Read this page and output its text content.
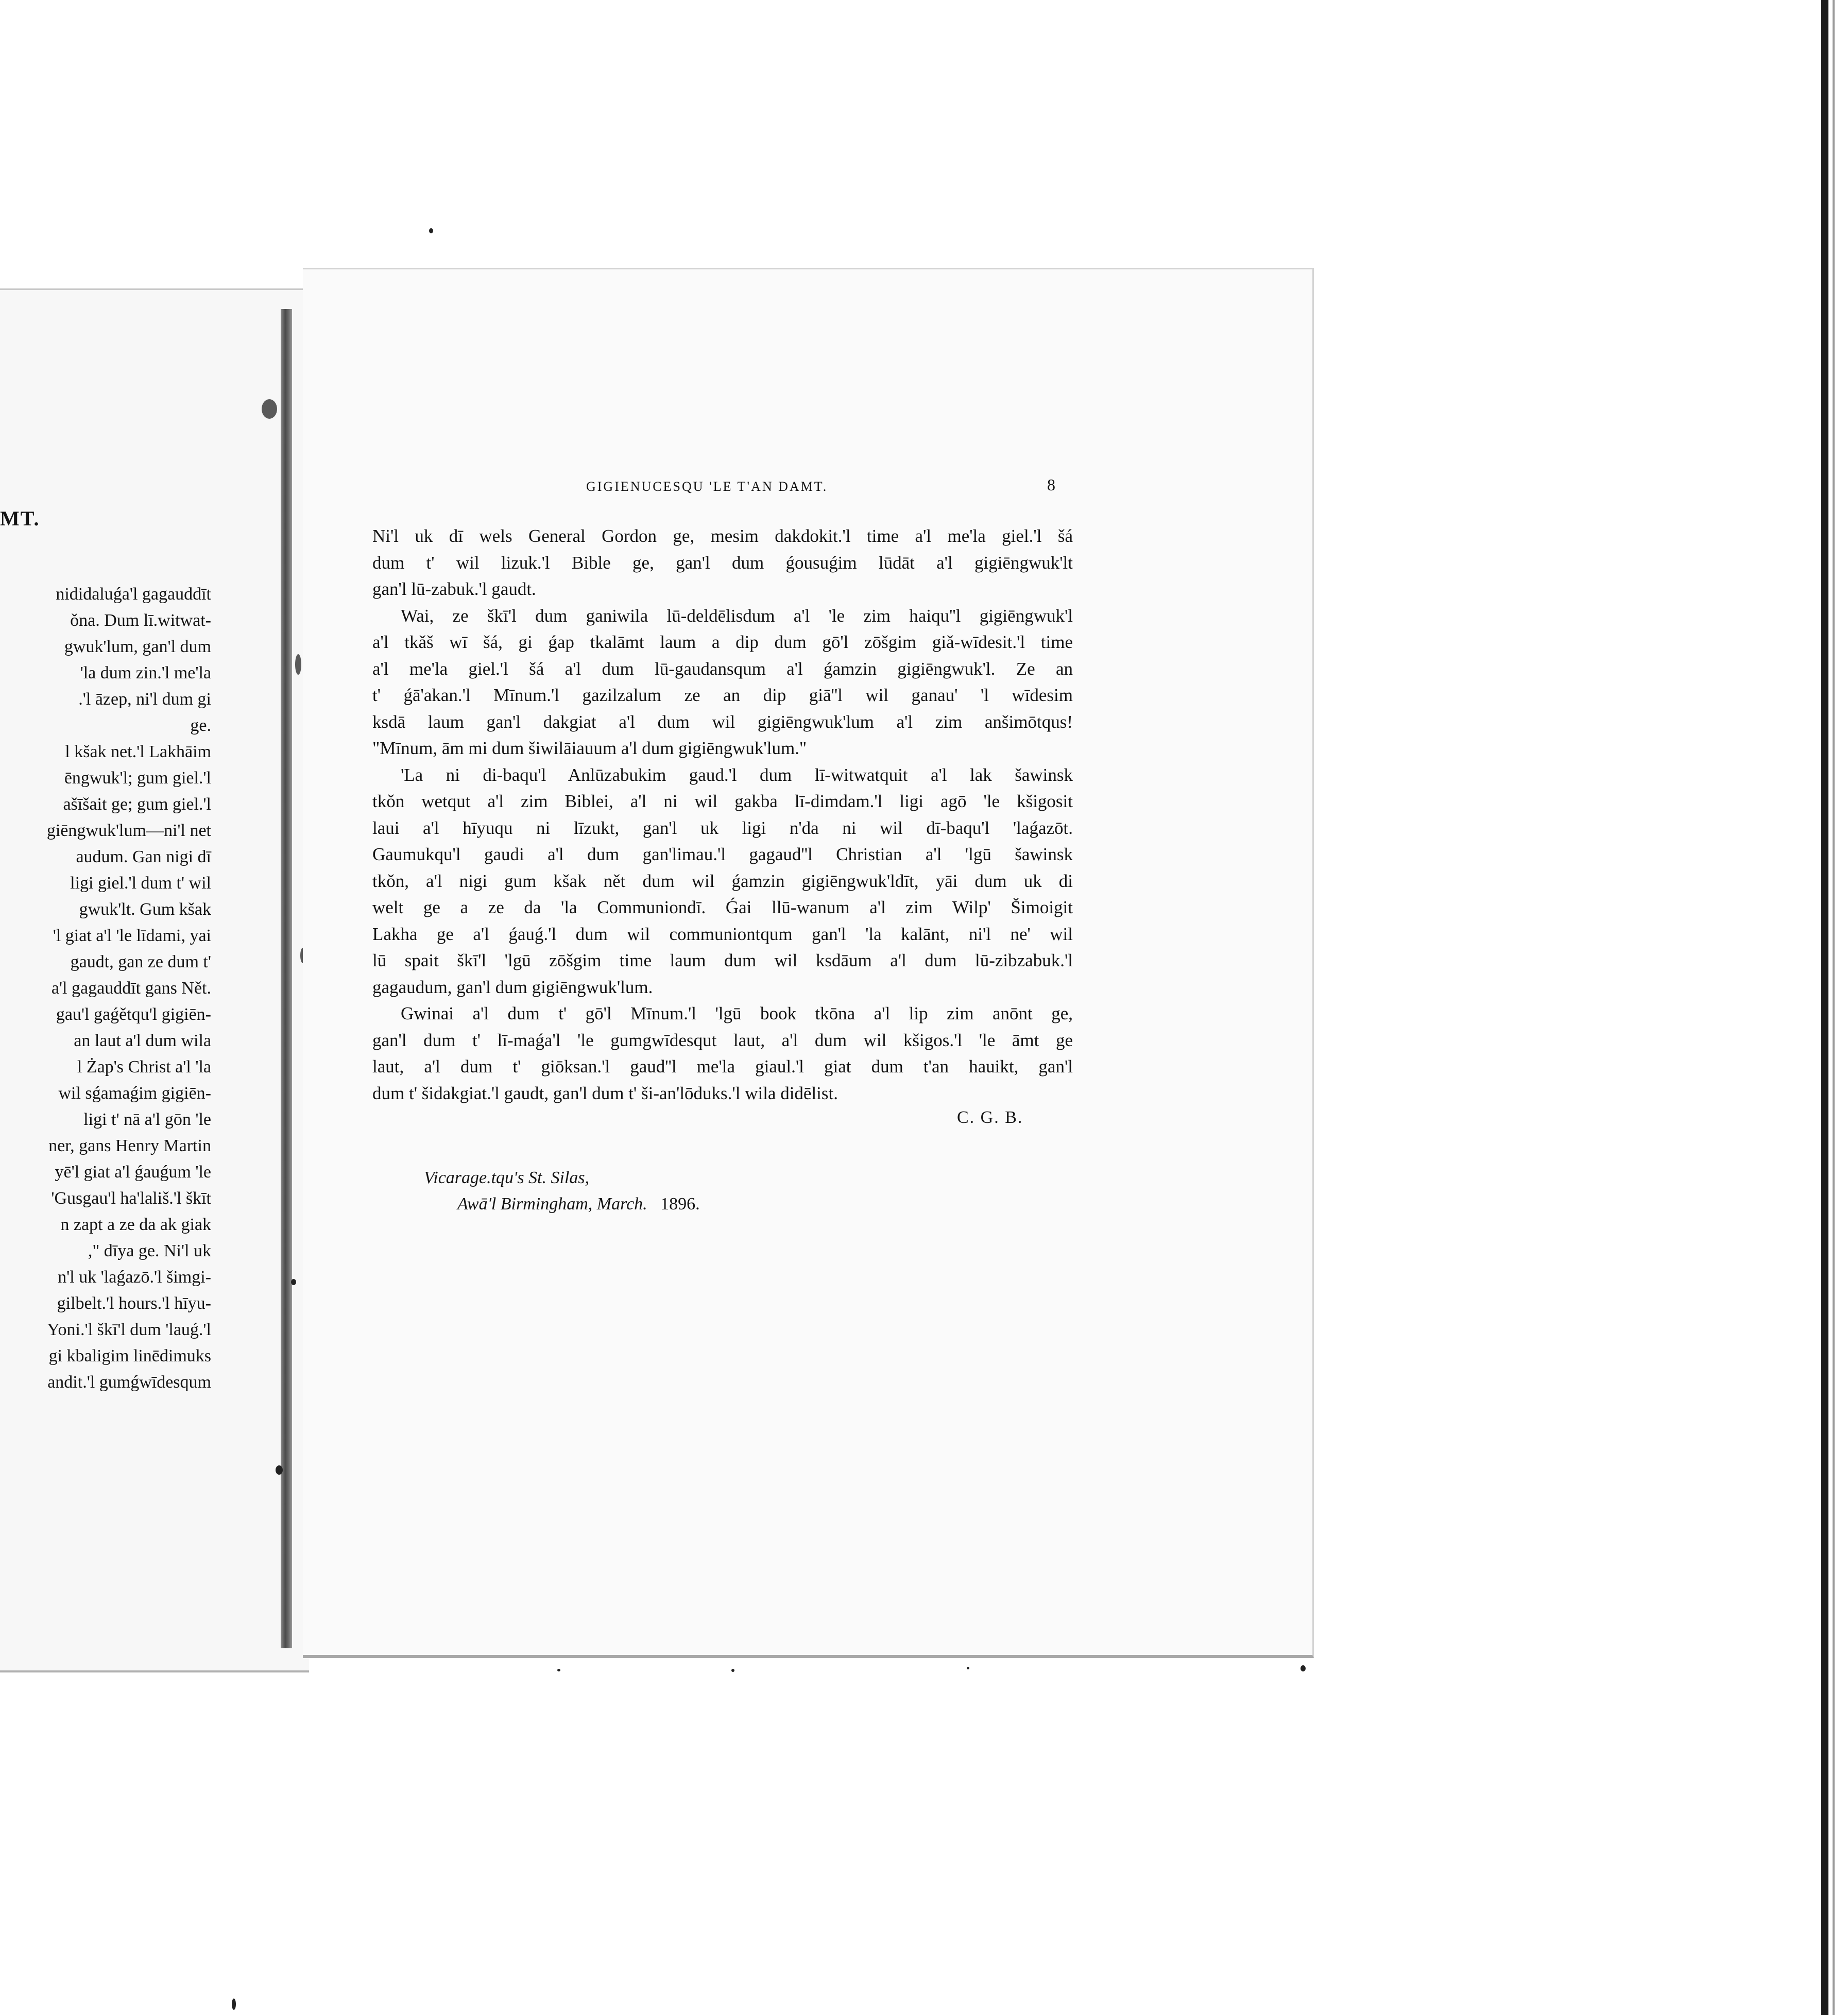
MT.
nididaluǵa'l gagauddīt
ǒna. Dum lī.witwat-
gwuk'lum, gan'l dum
'la dum zin.'l me'la
.'l āzep, ni'l dum gi
ge.
l kšak net.'l Lakhāim
ēngwuk'l; gum giel.'l
ašīšait ge; gum giel.'l
giēngwuk'lum—ni'l net
audum. Gan nigi dī
ligi giel.'l dum t' wil
gwuk'lt. Gum kšak
'l giat a'l 'le līdami, yai
gaudt, gan ze dum t'
a'l gagauddīt gans Nět.
gau'l gaǵětqu'l gigiēn-
an laut a'l dum wila
l Żap's Christ a'l 'la
wil sǵamaǵim gigiēn-
ligi t' nā a'l gōn 'le
ner, gans Henry Martin
yē'l giat a'l ǵauǵum 'le
'Gusgau'l ha'lališ.'l škīt
n zapt a ze da ak giak
," dīya ge. Ni'l uk
n'l uk 'laǵazō.'l šimgi-
gilbelt.'l hours.'l hīyu-
Yoni.'l škī'l dum 'lauǵ.'l
gi kbaligim linēdimuks
andit.'l gumǵwīdesqum
GIGIENUCESQU 'LE T'AN DAMT.	8
Ni'l uk dī wels General Gordon ge, mesim dakdokit.'l time a'l me'la giel.'l šá
dum t' wil lizuk.'l Bible ge, gan'l dum ǵousuǵim lūdāt a'l gigiēngwuk'lt
gan'l lū-zabuk.'l gaudt.
Wai, ze škī'l dum ganiwila lū-deldēlisdum a'l 'le zim haiqu''l gigiēngwuk'l
a'l tkǎš wī šá, gi ǵap tkalāmt laum a dip dum gō'l zōšgim giǎ-wīdesit.'l time
a'l me'la giel.'l šá a'l dum lū-gaudansqum a'l ǵamzin gigiēngwuk'l. Ze an
t' ǵā'akan.'l Mīnum.'l gazilzalum ze an dip giā''l wil ganau' 'l wīdesim
ksdā laum gan'l dakgiat a'l dum wil gigiēngwuk'lum a'l zim anšimōtqus!
"Mīnum, ām mi dum šiwilāiauum a'l dum gigiēngwuk'lum."
'La ni di-baqu'l Anlūzabukim gaud.'l dum lī-witwatquit a'l lak šawinsk
tkǒn wetqut a'l zim Biblei, a'l ni wil gakba lī-dimdam.'l ligi agō 'le kšigosit
laui a'l hīyuqu ni līzukt, gan'l uk ligi n'da ni wil dī-baqu'l 'laǵazōt.
Gaumukqu'l gaudi a'l dum gan'limau.'l gagaud''l Christian a'l 'lgū šawinsk
tkǒn, a'l nigi gum kšak nět dum wil ǵamzin gigiēngwuk'ldīt, yāi dum uk di
welt ge a ze da 'la Communiondī. Ǵai llū-wanum a'l zim Wilp' Šimoigit
Lakha ge a'l ǵauǵ.'l dum wil communiontqum gan'l 'la kalānt, ni'l ne' wil
lū spait škī'l 'lgū zōšgim time laum dum wil ksdāum a'l dum lū-zibzabuk.'l
gagaudum, gan'l dum gigiēngwuk'lum.
Gwinai a'l dum t' gō'l Mīnum.'l 'lgū book tkōna a'l lip zim anōnt ge,
gan'l dum t' lī-maǵa'l 'le gumgwīdesqut laut, a'l dum wil kšigos.'l 'le āmt ge
laut, a'l dum t' giōksan.'l gaud''l me'la giaul.'l giat dum t'an hauikt, gan'l
dum t' šidakgiat.'l gaudt, gan'l dum t' ši-an'lōduks.'l wila didēlist.
C. G. B.
Vicarage.tqu's St. Silas,
Awā'l Birmingham, March. 1896.
